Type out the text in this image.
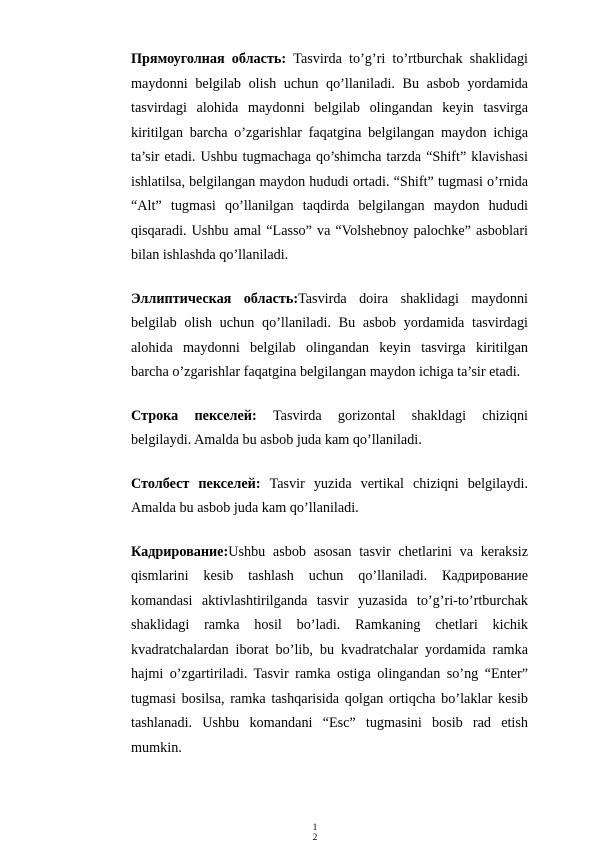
Прямоуголная область: Tasvirda to’g’ri to’rtburchak shaklidagi maydonni belgilab olish uchun qo’llaniladi. Bu asbob yordamida tasvirdagi alohida maydonni belgilab olingandan keyin tasvirga kiritilgan barcha o’zgarishlar faqatgina belgilangan maydon ichiga ta’sir etadi. Ushbu tugmachaga qo’shimcha tarzda “Shift” klavishasi ishlatilsa, belgilangan maydon hududi ortadi. “Shift” tugmasi o’rnida “Alt” tugmasi qo’llanilgan taqdirda belgilangan maydon hududi qisqaradi. Ushbu amal “Lasso” va “Volshebnoy palochke” asboblari bilan ishlashda qo’llaniladi.

Эллиптическая область:Tasvirda doira shaklidagi maydonni belgilab olish uchun qo’llaniladi. Bu asbob yordamida tasvirdagi alohida maydonni belgilab olingandan keyin tasvirga kiritilgan barcha o’zgarishlar faqatgina belgilangan maydon ichiga ta’sir etadi.

Строка пекселей: Tasvirda gorizontal shakldagi chiziqni belgilaydi. Amalda bu asbob juda kam qo’llaniladi.

Столбест пекселей: Tasvir yuzida vertikal chiziqni belgilaydi. Amalda bu asbob juda kam qo’llaniladi.

Кадрирование:Ushbu asbob asosan tasvir chetlarini va keraksiz qismlarini kesib tashlash uchun qo’llaniladi. Кадрирование komandasi aktivlashtirilganda tasvir yuzasida to’g’ri-to’rtburchak shaklidagi ramka hosil bo’ladi. Ramkaning chetlari kichik kvadratchalardan iborat bo’lib, bu kvadratchalar yordamida ramka hajmi o’zgartiriladi. Tasvir ramka ostiga olingandan so’ng “Enter” tugmasi bosilsa, ramka tashqarisida qolgan ortiqcha bo’laklar kesib tashlanadi. Ushbu komandani “Esc” tugmasini bosib rad etish mumkin.

1
2
